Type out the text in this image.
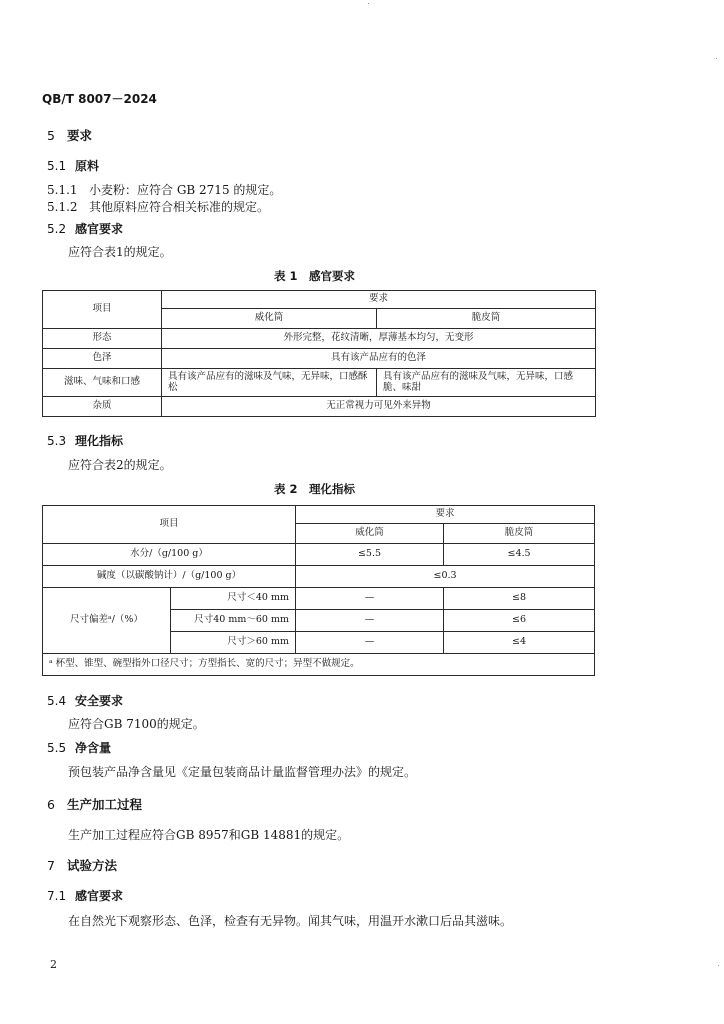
QB/T 8007－2024
5 要求
5.1 原料
5.1.1 小麦粉：应符合 GB 2715 的规定。
5.1.2 其他原料应符合相关标准的规定。
5.2 感官要求
应符合表1的规定。
表 1　感官要求
项目	要求	
	威化筒	脆皮筒
形态	外形完整，花纹清晰，厚薄基本均匀，无变形	
色泽	具有该产品应有的色泽	
滋味、气味和口感	具有该产品应有的滋味及气味，无异味，口感酥松	具有该产品应有的滋味及气味，无异味，口感脆、味甜
杂质	无正常视力可见外来异物	
5.3 理化指标
应符合表2的规定。
表 2　理化指标
项目		要求	
		威化筒	脆皮筒
水分/（g/100 g）		≤5.5	≤4.5
碱度（以碳酸钠计）/（g/100 g）		≤0.3	
尺寸偏差ᵃ/（%）	尺寸＜40 mm	—	≤8
	尺寸40 mm～60 mm	—	≤6
	尺寸＞60 mm	—	≤4
ᵃ 杯型、锥型、碗型指外口径尺寸；方型指长、宽的尺寸；异型不做规定。			
5.4 安全要求
应符合GB 7100的规定。
5.5 净含量
预包装产品净含量见《定量包装商品计量监督管理办法》的规定。
6 生产加工过程
生产加工过程应符合GB 8957和GB 14881的规定。
7 试验方法
7.1 感官要求
在自然光下观察形态、色泽，检查有无异物。闻其气味，用温开水漱口后品其滋味。
2
